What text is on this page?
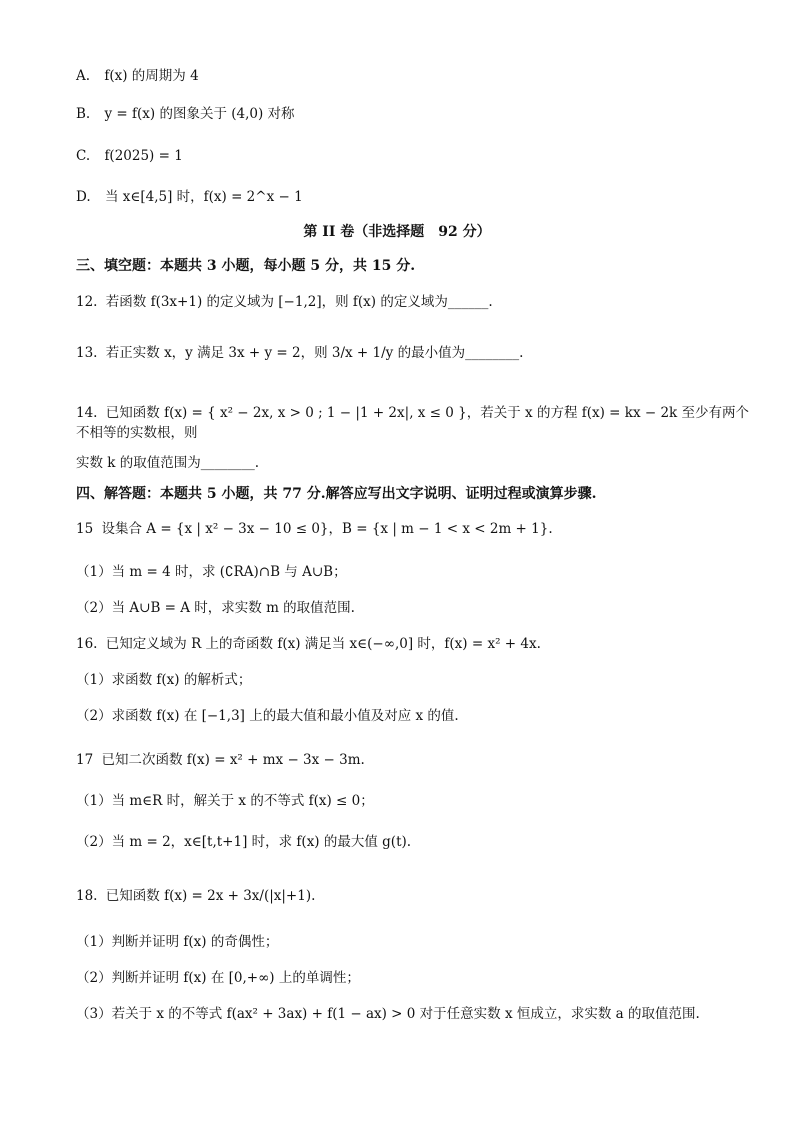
A. f(x) 的周期为 4
B. y = f(x) 的图象关于 (4,0) 对称
C. f(2025) = 1
D. 当 x∈[4,5] 时，f(x) = 2^x − 1
第 II 卷（非选择题　92 分）
三、填空题：本题共 3 小题，每小题 5 分，共 15 分.
12. 若函数 f(3x+1) 的定义域为 [−1,2]，则 f(x) 的定义域为______.
13. 若正实数 x，y 满足 3x + y = 2，则 3/x + 1/y 的最小值为________.
14. 已知函数 f(x) = { x² − 2x, x > 0 ; 1 − |1 + 2x|, x ≤ 0 }，若关于 x 的方程 f(x) = kx − 2k 至少有两个不相等的实数根，则
实数 k 的取值范围为________.
四、解答题：本题共 5 小题，共 77 分.解答应写出文字说明、证明过程或演算步骤.
15 设集合 A = {x | x² − 3x − 10 ≤ 0}，B = {x | m − 1 < x < 2m + 1}.
（1）当 m = 4 时，求 (∁RA)∩B 与 A∪B；
（2）当 A∪B = A 时，求实数 m 的取值范围.
16. 已知定义域为 R 上的奇函数 f(x) 满足当 x∈(−∞,0] 时，f(x) = x² + 4x.
（1）求函数 f(x) 的解析式；
（2）求函数 f(x) 在 [−1,3] 上的最大值和最小值及对应 x 的值.
17 已知二次函数 f(x) = x² + mx − 3x − 3m.
（1）当 m∈R 时，解关于 x 的不等式 f(x) ≤ 0；
（2）当 m = 2，x∈[t,t+1] 时，求 f(x) 的最大值 g(t).
18. 已知函数 f(x) = 2x + 3x/(|x|+1).
（1）判断并证明 f(x) 的奇偶性；
（2）判断并证明 f(x) 在 [0,+∞) 上的单调性；
（3）若关于 x 的不等式 f(ax² + 3ax) + f(1 − ax) > 0 对于任意实数 x 恒成立，求实数 a 的取值范围.
